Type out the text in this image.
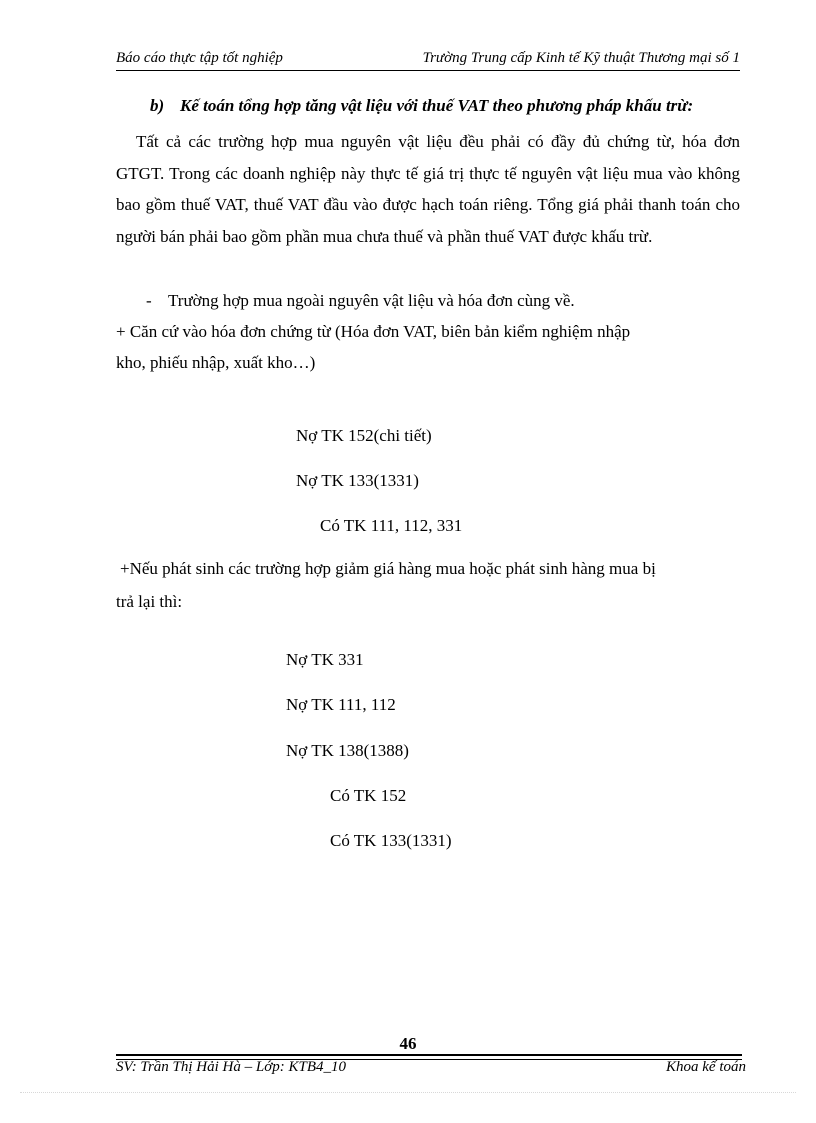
Báo cáo thực tập tốt nghiệp	Trường Trung cấp Kinh tế Kỹ thuật Thương mại số 1
b) Kế toán tổng hợp tăng vật liệu với thuế VAT theo phương pháp khấu trừ:
Tất cả các trường hợp mua nguyên vật liệu đều phải có đầy đủ chứng từ, hóa đơn GTGT. Trong các doanh nghiệp này thực tế giá trị thực tế nguyên vật liệu mua vào không bao gồm thuế VAT, thuế VAT đầu vào được hạch toán riêng. Tổng giá phải thanh toán cho người bán phải bao gồm phần mua chưa thuế và phần thuế VAT được khấu trừ.
- Trường hợp mua ngoài nguyên vật liệu và hóa đơn cùng về.
+ Căn cứ vào hóa đơn chứng từ (Hóa đơn VAT, biên bản kiểm nghiệm nhập
kho, phiếu nhập, xuất kho…)
Nợ TK 152(chi tiết)
Nợ TK 133(1331)
Có TK 111, 112, 331
+Nếu phát sinh các trường hợp giảm giá hàng mua hoặc phát sinh hàng mua bị
trả lại thì:
Nợ TK 331
Nợ TK 111, 112
Nợ TK 138(1388)
Có TK 152
Có TK 133(1331)
46
SV: Trần Thị Hải Hà – Lớp: KTB4_10	Khoa kế toán
